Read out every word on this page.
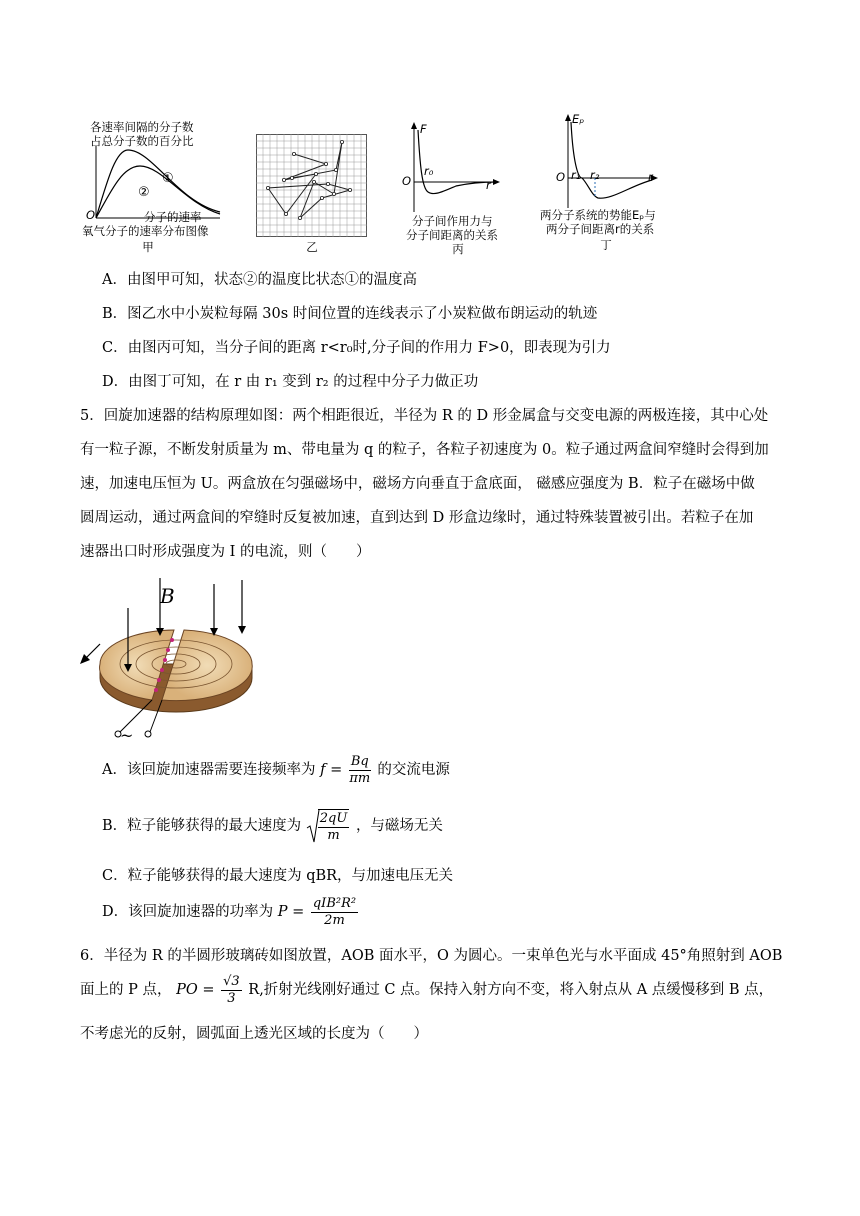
各速率间隔的分子数
占总分子数的百分比
①
②
O	分子的速率
氧气分子的速率分布图像
甲	乙
F
r₀
O	r
分子间作用力与
分子间距离的关系
丙
Eₚ
O r₁ r₂	r
两分子系统的势能Eₚ与
两分子间距离r的关系
丁
A．由图甲可知，状态②的温度比状态①的温度高
B．图乙水中小炭粒每隔 30s 时间位置的连线表示了小炭粒做布朗运动的轨迹
C．由图丙可知，当分子间的距离 r<r₀时,分子间的作用力 F>0，即表现为引力
D．由图丁可知，在 r 由 r₁ 变到 r₂ 的过程中分子力做正功
5．回旋加速器的结构原理如图：两个相距很近，半径为 R 的 D 形金属盒与交变电源的两极连接，其中心处
有一粒子源，不断发射质量为 m、带电量为 q 的粒子，各粒子初速度为 0。粒子通过两盒间窄缝时会得到加
速，加速电压恒为 U。两盒放在匀强磁场中，磁场方向垂直于盒底面， 磁感应强度为 B．粒子在磁场中做
圆周运动，通过两盒间的窄缝时反复被加速，直到达到 D 形盒边缘时，通过特殊装置被引出。若粒子在加
速器出口时形成强度为 I 的电流，则（　　）
B
~
A．该回旋加速器需要连接频率为 $f = \frac{Bq}{\pi m}$ 的交流电源
B．粒子能够获得的最大速度为 $\frac{2qU}{m}$ ，与磁场无关
C．粒子能够获得的最大速度为 qBR，与加速电压无关
D．该回旋加速器的功率为 $P = \frac{\text{qIB²R²}}{2m}$
6．半径为 R 的半圆形玻璃砖如图放置，AOB 面水平，O 为圆心。一束单色光与水平面成 45°角照射到 AOB
面上的 P 点， PO = $\frac{√3}{3} R$,折射光线刚好通过 C 点。保持入射方向不变，将入射点从 A 点缓慢移到 B 点，
不考虑光的反射，圆弧面上透光区域的长度为（　　）
